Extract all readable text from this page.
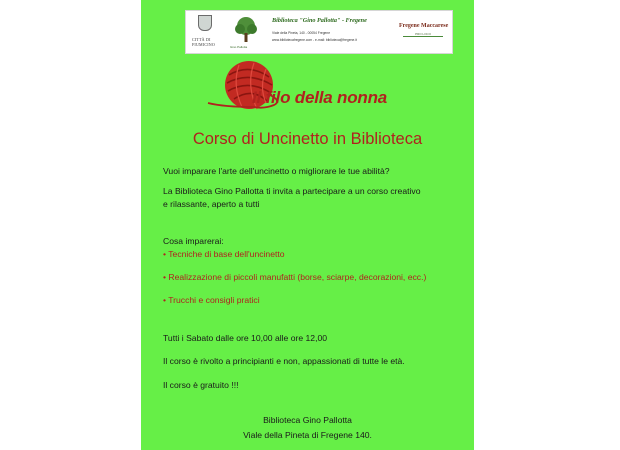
CITTÀ DI FIUMICINO	Gino Pallotta
Biblioteca "Gino Pallotta" - Fregene
Viale della Pineta, 140 - 00054 Fregene
www.bibliotecafregene.com - e-mail: biblioteca@fregene.it
Fregene Maccarese
PRO LOCO
Il filo della nonna
Corso di Uncinetto in Biblioteca
Vuoi imparare l'arte dell'uncinetto o migliorare le tue abilità?
La Biblioteca Gino Pallotta ti invita a partecipare a un corso creativo
e rilassante, aperto a tutti
Cosa imparerai:
• Tecniche di base dell'uncinetto
• Realizzazione di piccoli manufatti (borse, sciarpe, decorazioni, ecc.)
• Trucchi e consigli pratici
Tutti i Sabato dalle ore 10,00 alle ore 12,00
Il corso è rivolto a principianti e non, appassionati di tutte le età.
Il corso è gratuito !!!
Biblioteca Gino Pallotta
Viale della Pineta di Fregene 140.
